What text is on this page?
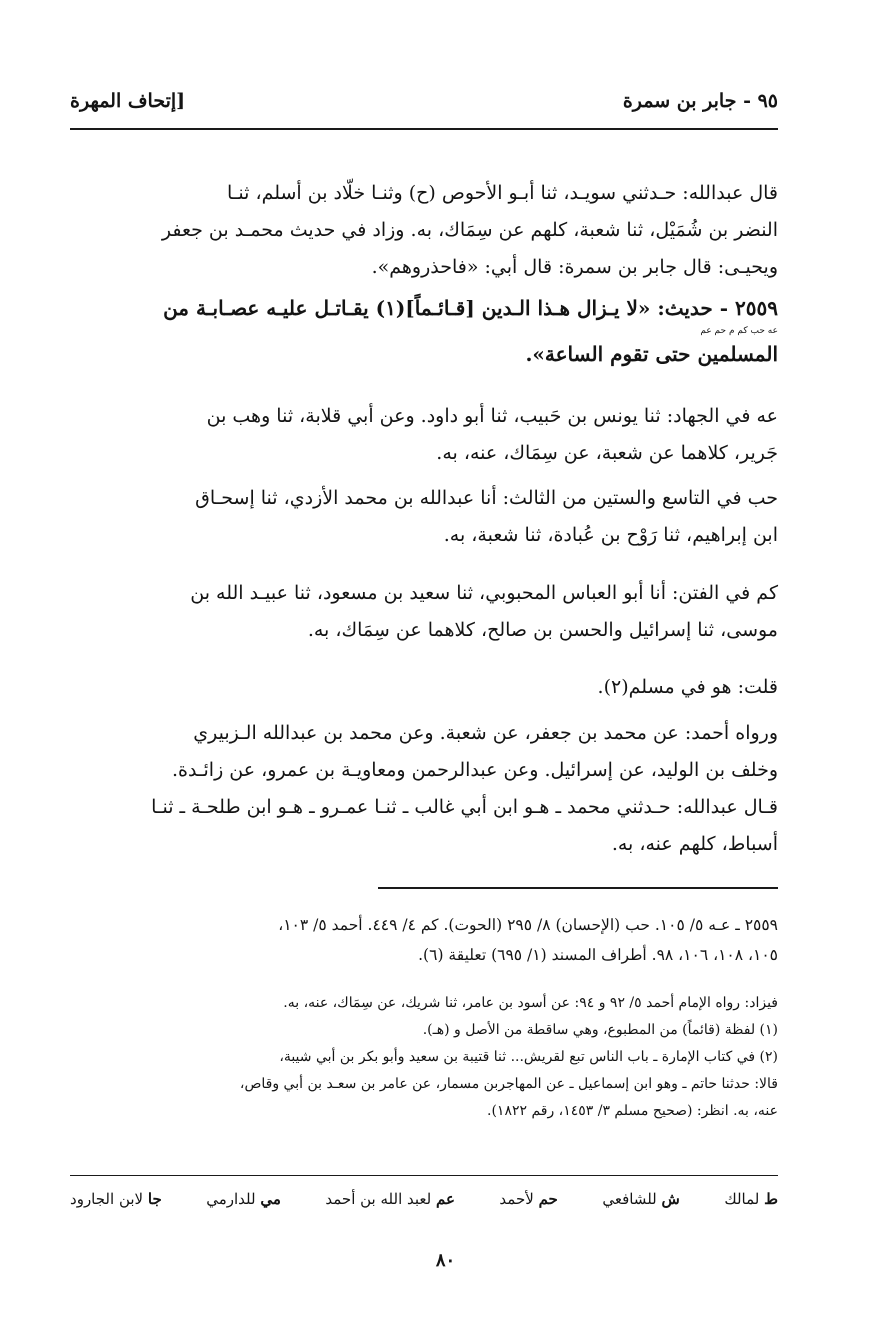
٩٥ - جابر بن سمرة
[إتحاف المهرة

قال عبدالله: حـدثني سويـد، ثنا أبـو الأحوص (ح) وثنـا خلّاد بن أسلم، ثنـا

النضر بن شُمَيْل، ثنا شعبة، كلهم عن سِمَاك، به. وزاد في حديث محمـد بن جعفر

ويحيـى: قال جابر بن سمرة: قال أبي: «فاحذروهم».

٢٥٥٩ - حديث: «لا يـزال هـذا الـدين [قـائـماً](١) يقـاتـل عليـه عصـابـة من

عه حب كم م حم عم

المسلمين حتى تقوم الساعة».

عه في الجهاد: ثنا يونس بن حَبيب، ثنا أبو داود. وعن أبي قلابة، ثنا وهب بن

جَرير، كلاهما عن شعبة، عن سِمَاك، عنه، به.

حب في التاسع والستين من الثالث: أنا عبدالله بن محمد الأزدي، ثنا إسحـاق

ابن إبراهيم، ثنا رَوْح بن عُبادة، ثنا شعبة، به.

كم في الفتن: أنا أبو العباس المحبوبي، ثنا سعيد بن مسعود، ثنا عبيـد الله بن

موسى، ثنا إسرائيل والحسن بن صالح، كلاهما عن سِمَاك، به.

قلت: هو في مسلم(٢).

ورواه أحمد: عن محمد بن جعفر، عن شعبة. وعن محمد بن عبدالله الـزبيري

وخلف بن الوليد، عن إسرائيل. وعن عبدالرحمن ومعاويـة بن عمرو، عن زائـدة.

قـال عبدالله: حـدثني محمد ـ هـو ابن أبي غالب ـ ثنـا عمـرو ـ هـو ابن طلحـة ـ ثنـا

أسباط، كلهم عنه، به.

٢٥٥٩ ـ عـه ٥/ ١٠٥. حب (الإحسان) ٨/ ٢٩٥ (الحوت). كم ٤/ ٤٤٩. أحمد ٥/ ١٠٣،

١٠٥، ١٠٨، ١٠٦، ٩٨. أطراف المسند (١/ ٦٩٥) تعليقة (٦).

فيزاد: رواه الإمام أحمد ٥/ ٩٢ و ٩٤: عن أسود بن عامر، ثنا شريك، عن سِمَاك، عنه، به.

(١) لفظة (قائماً) من المطبوع، وهي ساقطة من الأصل و (هـ).

(٢) في كتاب الإمارة ـ باب الناس تبع لقريش... ثنا قتيبة بن سعيد وأبو بكر بن أبي شيبة،

قالا: حدثنا حاتم ـ وهو ابن إسماعيل ـ عن المهاجربن مسمار، عن عامر بن سعـد بن أبي وقاص،

عنه، به. انظر: (صحيح مسلم ٣/ ١٤٥٣، رقم ١٨٢٢).

ط لمالك
ش للشافعي
حم لأحمد
عم لعبد الله بن أحمد
مي للدارمي
جا لابن الجارود
٨٠
